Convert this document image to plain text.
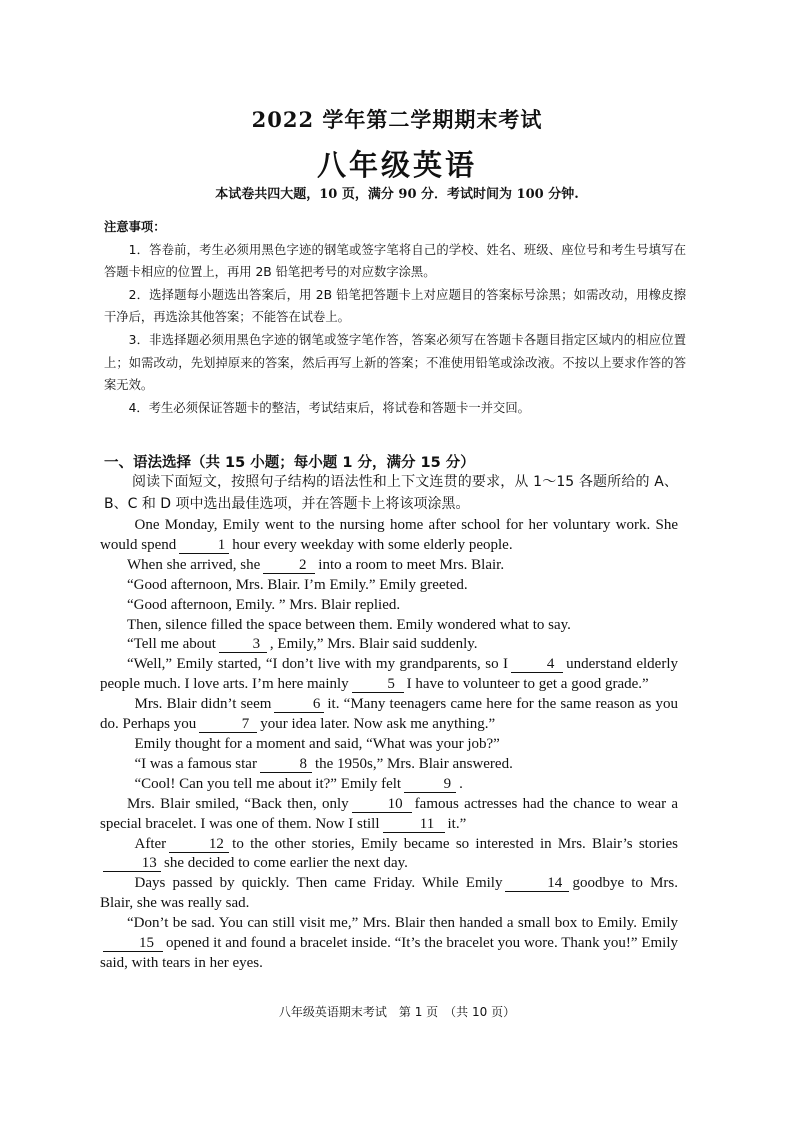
2022 学年第二学期期末考试
八年级英语
本试卷共四大题，10 页，满分 90 分．考试时间为 100 分钟.
注意事项：

1．答卷前，考生必须用黑色字迹的钢笔或签字笔将自己的学校、姓名、班级、座位号和考生号填写在答题卡相应的位置上，再用 2B 铅笔把考号的对应数字涂黑。

2．选择题每小题选出答案后，用 2B 铅笔把答题卡上对应题目的答案标号涂黑；如需改动，用橡皮擦干净后，再选涂其他答案；不能答在试卷上。

3．非选择题必须用黑色字迹的钢笔或签字笔作答，答案必须写在答题卡各题目指定区域内的相应位置上；如需改动，先划掉原来的答案，然后再写上新的答案；不准使用铅笔或涂改液。不按以上要求作答的答案无效。

4．考生必须保证答题卡的整洁，考试结束后，将试卷和答题卡一并交回。

一、语法选择（共 15 小题；每小题 1 分，满分 15 分）

阅读下面短文，按照句子结构的语法性和上下文连贯的要求，从 1～15 各题所给的 A、B、C 和 D 项中选出最佳选项，并在答题卡上将该项涂黑。

One Monday, Emily went to the nursing home after school for her voluntary work. She would spend	1 hour every weekday with some elderly people.

When she arrived, she	2 into a room to meet Mrs. Blair.

“Good afternoon, Mrs. Blair. I’m Emily.” Emily greeted.

“Good afternoon, Emily. ” Mrs. Blair replied.

Then, silence filled the space between them. Emily wondered what to say.

“Tell me about 3 , Emily,” Mrs. Blair said suddenly.

“Well,” Emily started, “I don’t live with my grandparents, so I	4 understand elderly people much. I love arts. I’m here mainly	5 I have to volunteer to get a good grade.”

Mrs. Blair didn’t seem	6 it. “Many teenagers came here for the same reason as you do. Perhaps you	7 your idea later. Now ask me anything.”

Emily thought for a moment and said, “What was your job?”

“I was a famous star	8 the 1950s,” Mrs. Blair answered.

“Cool! Can you tell me about it?” Emily felt	9 .

Mrs. Blair smiled, “Back then, only	10 famous actresses had the chance to wear a special bracelet. I was one of them. Now I still	11 it.”

After	12 to the other stories, Emily became so interested in Mrs. Blair’s stories13 she decided to come earlier the next day.

Days passed by quickly. Then came Friday. While Emily	14 goodbye to Mrs. Blair, she was really sad.

“Don’t be sad. You can still visit me,” Mrs. Blair then handed a small box to Emily. Emily15 opened it and found a bracelet inside. “It’s the bracelet you wore. Thank you!” Emily said, with tears in her eyes.

八年级英语期末考试　第 1 页　（共 10 页）
